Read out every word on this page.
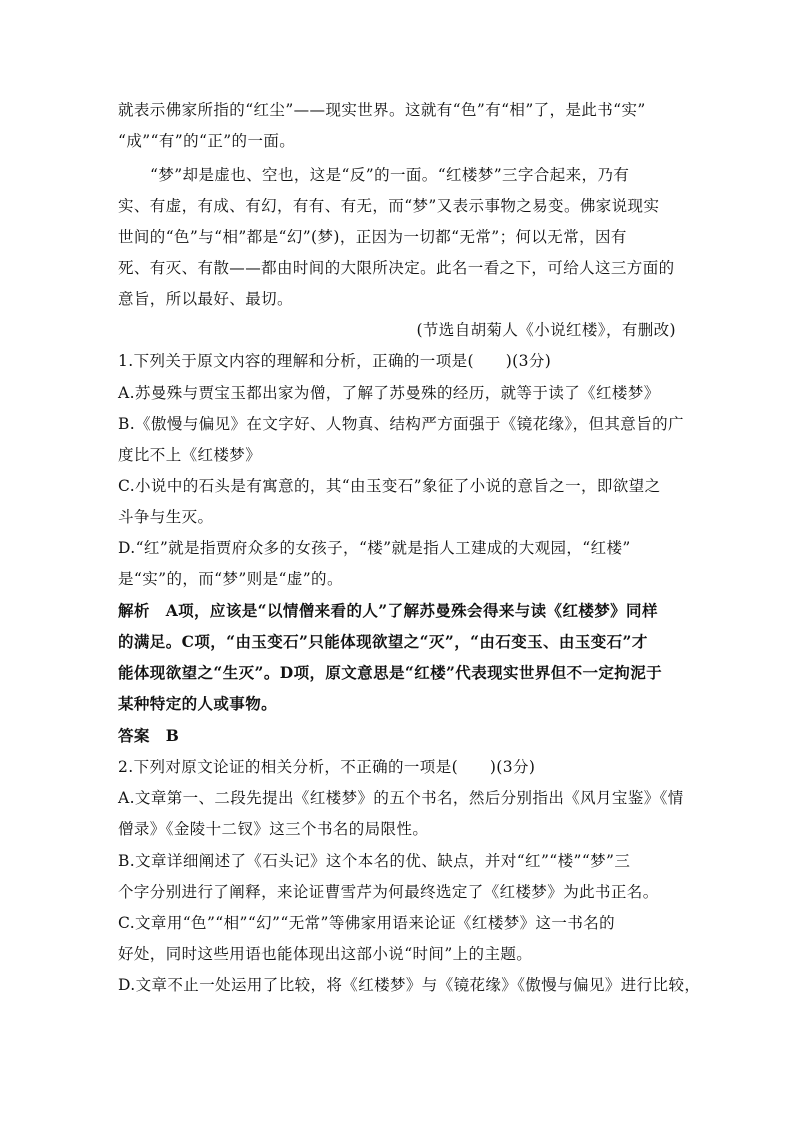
就表示佛家所指的“红尘”——现实世界。这就有“色”有“相”了，是此书“实”
“成”“有”的“正”的一面。
“梦”却是虚也、空也，这是“反”的一面。“红楼梦”三字合起来，乃有
实、有虚，有成、有幻，有有、有无，而“梦”又表示事物之易变。佛家说现实
世间的“色”与“相”都是“幻”(梦)，正因为一切都“无常”；何以无常，因有
死、有灭、有散——都由时间的大限所决定。此名一看之下，可给人这三方面的
意旨，所以最好、最切。
(节选自胡菊人《小说红楼》，有删改)
1.下列关于原文内容的理解和分析，正确的一项是(　　)(3分)
A.苏曼殊与贾宝玉都出家为僧，了解了苏曼殊的经历，就等于读了《红楼梦》
B.《傲慢与偏见》在文字好、人物真、结构严方面强于《镜花缘》，但其意旨的广
度比不上《红楼梦》
C.小说中的石头是有寓意的，其“由玉变石”象征了小说的意旨之一，即欲望之
斗争与生灭。
D.“红”就是指贾府众多的女孩子，“楼”就是指人工建成的大观园，“红楼”
是“实”的，而“梦”则是“虚”的。
解析　A项，应该是“以情僧来看的人”了解苏曼殊会得来与读《红楼梦》同样
的满足。C项，“由玉变石”只能体现欲望之“灭”，“由石变玉、由玉变石”才
能体现欲望之“生灭”。D项，原文意思是“红楼”代表现实世界但不一定拘泥于
某种特定的人或事物。
答案　B
2.下列对原文论证的相关分析，不正确的一项是(　　)(3分)
A.文章第一、二段先提出《红楼梦》的五个书名，然后分别指出《风月宝鉴》《情
僧录》《金陵十二钗》这三个书名的局限性。
B.文章详细阐述了《石头记》这个本名的优、缺点，并对“红”“楼”“梦”三
个字分别进行了阐释，来论证曹雪芹为何最终选定了《红楼梦》为此书正名。
C.文章用“色”“相”“幻”“无常”等佛家用语来论证《红楼梦》这一书名的
好处，同时这些用语也能体现出这部小说“时间”上的主题。
D.文章不止一处运用了比较，将《红楼梦》与《镜花缘》《傲慢与偏见》进行比较，
